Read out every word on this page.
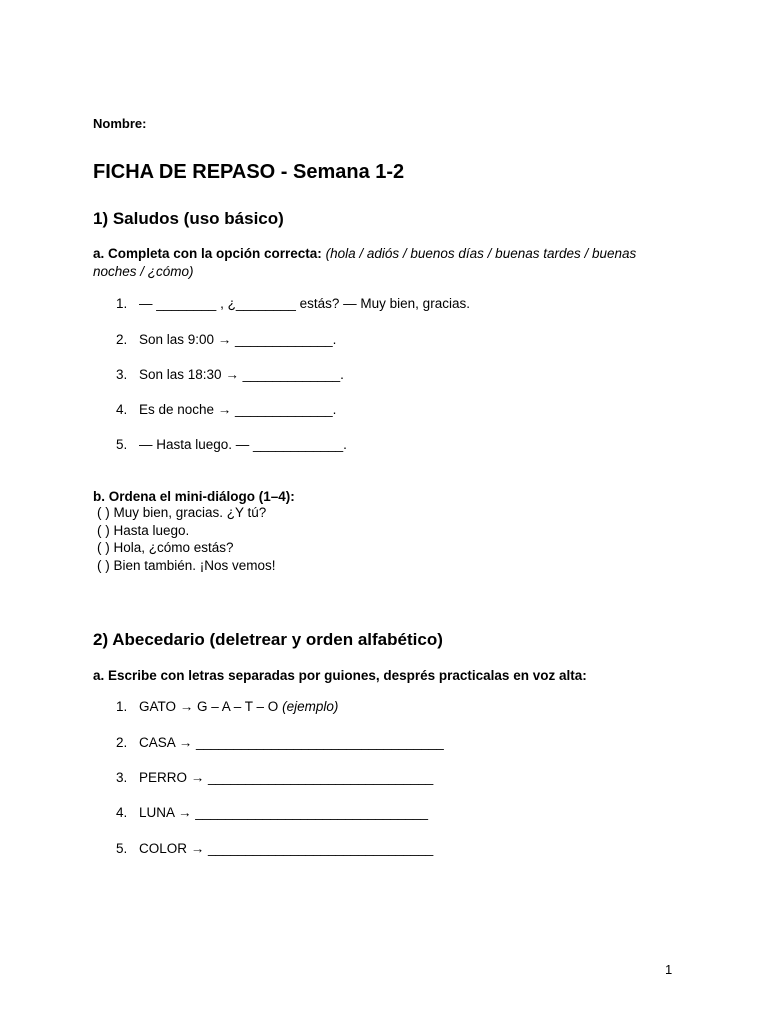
Nombre:
FICHA DE REPASO - Semana 1-2
1) Saludos (uso básico)
a. Completa con la opción correcta: (hola / adiós / buenos días / buenas tardes / buenas noches / ¿cómo)
1. — ________ , ¿________ estás? — Muy bien, gracias.
2. Son las 9:00 → _____________.
3. Son las 18:30 → _____________.
4. Es de noche → _____________.
5. — Hasta luego. — ____________.
b. Ordena el mini-diálogo (1–4):
( ) Muy bien, gracias. ¿Y tú?
( ) Hasta luego.
( ) Hola, ¿cómo estás?
( ) Bien también. ¡Nos vemos!
2) Abecedario (deletrear y orden alfabético)
a. Escribe con letras separadas por guiones, després practicalas en voz alta:
1. GATO → G – A – T – O (ejemplo)
2. CASA → _________________________________
3. PERRO → ______________________________
4. LUNA → _______________________________
5. COLOR → ______________________________
1
